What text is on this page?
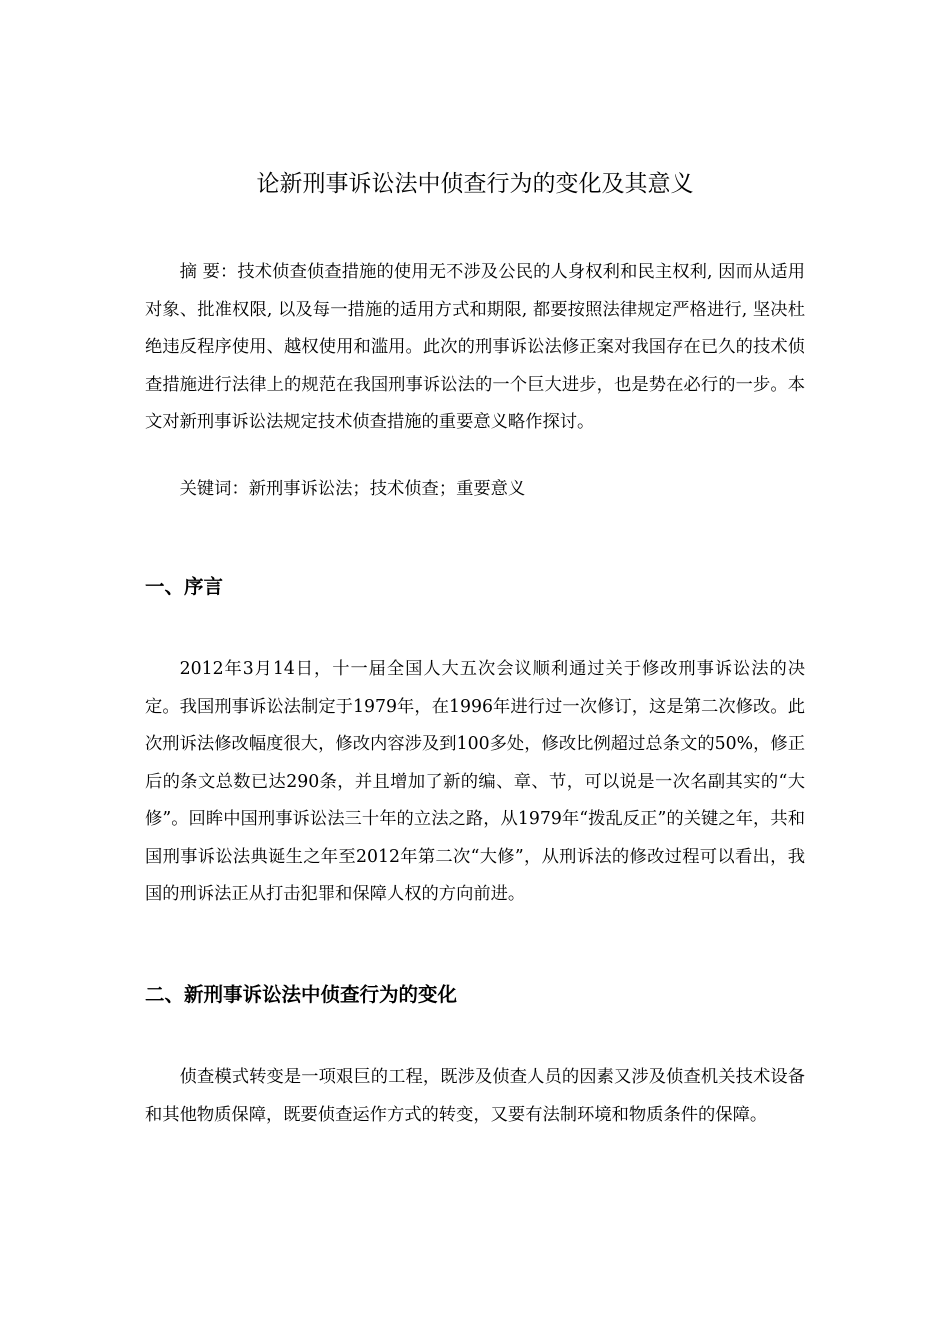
论新刑事诉讼法中侦查行为的变化及其意义

摘 要：技术侦查侦查措施的使用无不涉及公民的人身权利和民主权利, 因而从适用对象、批准权限, 以及每一措施的适用方式和期限, 都要按照法律规定严格进行, 坚决杜绝违反程序使用、越权使用和滥用。此次的刑事诉讼法修正案对我国存在已久的技术侦查措施进行法律上的规范在我国刑事诉讼法的一个巨大进步，也是势在必行的一步。本文对新刑事诉讼法规定技术侦查措施的重要意义略作探讨。

关键词：新刑事诉讼法；技术侦查；重要意义

一、序言

2012年3月14日，十一届全国人大五次会议顺利通过关于修改刑事诉讼法的决定。我国刑事诉讼法制定于1979年，在1996年进行过一次修订，这是第二次修改。此次刑诉法修改幅度很大，修改内容涉及到100多处，修改比例超过总条文的50%，修正后的条文总数已达290条，并且增加了新的编、章、节，可以说是一次名副其实的“大修”。回眸中国刑事诉讼法三十年的立法之路，从1979年“拨乱反正”的关键之年，共和国刑事诉讼法典诞生之年至2012年第二次“大修”，从刑诉法的修改过程可以看出，我国的刑诉法正从打击犯罪和保障人权的方向前进。

二、新刑事诉讼法中侦查行为的变化

侦查模式转变是一项艰巨的工程，既涉及侦查人员的因素又涉及侦查机关技术设备和其他物质保障，既要侦查运作方式的转变，又要有法制环境和物质条件的保障。
